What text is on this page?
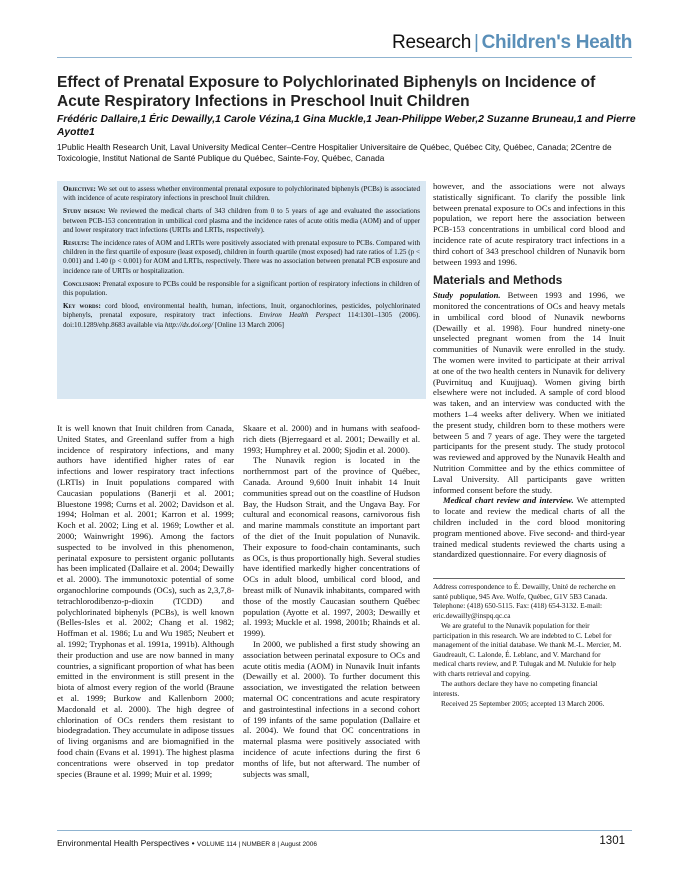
Research | Children's Health
Effect of Prenatal Exposure to Polychlorinated Biphenyls on Incidence of Acute Respiratory Infections in Preschool Inuit Children
Frédéric Dallaire,1 Éric Dewailly,1 Carole Vézina,1 Gina Muckle,1 Jean-Philippe Weber,2 Suzanne Bruneau,1 and Pierre Ayotte1
1Public Health Research Unit, Laval University Medical Center–Centre Hospitalier Universitaire de Québec, Québec City, Québec, Canada; 2Centre de Toxicologie, Institut National de Santé Publique du Québec, Sainte-Foy, Québec, Canada

Objective: We set out to assess whether environmental prenatal exposure to polychlorinated biphenyls (PCBs) is associated with incidence of acute respiratory infections in preschool Inuit children.

Study design: We reviewed the medical charts of 343 children from 0 to 5 years of age and evaluated the associations between PCB-153 concentration in umbilical cord plasma and the incidence rates of acute otitis media (AOM) and of upper and lower respiratory tract infections (URTIs and LRTIs, respectively).

Results: The incidence rates of AOM and LRTIs were positively associated with prenatal exposure to PCBs. Compared with children in the first quartile of exposure (least exposed), children in fourth quartile (most exposed) had rate ratios of 1.25 (p < 0.001) and 1.40 (p < 0.001) for AOM and LRTIs, respectively. There was no association between prenatal PCB exposure and incidence rate of URTIs or hospitalization.

Conclusion: Prenatal exposure to PCBs could be responsible for a significant portion of respiratory infections in children of this population.

Key words: cord blood, environmental health, human, infections, Inuit, organochlorines, pesticides, polychlorinated biphenyls, prenatal exposure, respiratory tract infections. Environ Health Perspect 114:1301–1305 (2006). doi:10.1289/ehp.8683 available via http://dx.doi.org/ [Online 13 March 2006]

It is well known that Inuit children from Canada, United States, and Greenland suffer from a high incidence of respiratory infections, and many authors have identified higher rates of ear infections and lower respiratory tract infections (LRTIs) in Inuit populations compared with Caucasian populations (Banerji et al. 2001; Bluestone 1998; Curns et al. 2002; Davidson et al. 1994; Holman et al. 2001; Karron et al. 1999; Koch et al. 2002; Ling et al. 1969; Lowther et al. 2000; Wainwright 1996). Among the factors suspected to be involved in this phenomenon, perinatal exposure to persistent organic pollutants has been implicated (Dallaire et al. 2004; Dewailly et al. 2000). The immunotoxic potential of some organochlorine compounds (OCs), such as 2,3,7,8-tetrachlorodibenzo-p-dioxin (TCDD) and polychlorinated biphenyls (PCBs), is well known (Belles-Isles et al. 2002; Chang et al. 1982; Hoffman et al. 1986; Lu and Wu 1985; Neubert et al. 1992; Tryphonas et al. 1991a, 1991b). Although their production and use are now banned in many countries, a significant proportion of what has been emitted in the environment is still present in the biota of almost every region of the world (Braune et al. 1999; Burkow and Kallenborn 2000; Macdonald et al. 2000). The high degree of chlorination of OCs renders them resistant to biodegradation. They accumulate in adipose tissues of living organisms and are biomagnified in the food chain (Evans et al. 1991). The highest plasma concentrations were observed in top predator species (Braune et al. 1999; Muir et al. 1999;

Skaare et al. 2000) and in humans with seafood-rich diets (Bjerregaard et al. 2001; Dewailly et al. 1993; Humphrey et al. 2000; Sjodin et al. 2000).

The Nunavik region is located in the northernmost part of the province of Québec, Canada. Around 9,600 Inuit inhabit 14 Inuit communities spread out on the coastline of Hudson Bay, the Hudson Strait, and the Ungava Bay. For cultural and economical reasons, carnivorous fish and marine mammals constitute an important part of the diet of the Inuit population of Nunavik. Their exposure to food-chain contaminants, such as OCs, is thus proportionally high. Several studies have identified markedly higher concentrations of OCs in adult blood, umbilical cord blood, and breast milk of Nunavik inhabitants, compared with those of the mostly Caucasian southern Québec population (Ayotte et al. 1997, 2003; Dewailly et al. 1993; Muckle et al. 1998, 2001b; Rhainds et al. 1999).

In 2000, we published a first study showing an association between perinatal exposure to OCs and acute otitis media (AOM) in Nunavik Inuit infants (Dewailly et al. 2000). To further document this association, we investigated the relation between maternal OC concentrations and acute respiratory and gastrointestinal infections in a second cohort of 199 infants of the same population (Dallaire et al. 2004). We found that OC concentrations in maternal plasma were positively associated with incidence of acute infections during the first 6 months of life, but not afterward. The number of subjects was small,

however, and the associations were not always statistically significant. To clarify the possible link between prenatal exposure to OCs and infections in this population, we report here the association between PCB-153 concentrations in umbilical cord blood and incidence rate of acute respiratory tract infections in a third cohort of 343 preschool children of Nunavik born between 1993 and 1996.

Materials and Methods

Study population. Between 1993 and 1996, we monitored the concentrations of OCs and heavy metals in umbilical cord blood of Nunavik newborns (Dewailly et al. 1998). Four hundred ninety-one unselected pregnant women from the 14 Inuit communities of Nunavik were enrolled in the study. The women were invited to participate at their arrival at one of the two health centers in Nunavik for delivery (Puvirnituq and Kuujjuaq). Women giving birth elsewhere were not included. A sample of cord blood was taken, and an interview was conducted with the mothers 1–4 weeks after delivery. When we initiated the present study, children born to these mothers were between 5 and 7 years of age. They were the targeted participants for the present study. The study protocol was reviewed and approved by the Nunavik Health and Nutrition Committee and by the ethics committee of Laval University. All participants gave written informed consent before the study.

Medical chart review and interview. We attempted to locate and review the medical charts of all the children included in the cord blood monitoring program mentioned above. Five second- and third-year trained medical students reviewed the charts using a standardized questionnaire. For every diagnosis of

Address correspondence to É. Dewailly, Unité de recherche en santé publique, 945 Ave. Wolfe, Québec, G1V 5B3 Canada. Telephone: (418) 650-5115. Fax: (418) 654-3132. E-mail: eric.dewailly@inspq.qc.ca

We are grateful to the Nunavik population for their participation in this research. We are indebted to C. Lebel for management of the initial database. We thank M.-L. Mercier, M. Gaudreault, C. Lalonde, É. Leblanc, and V. Marchand for medical charts review, and P. Tulugak and M. Nulukie for help with charts retrieval and copying.

The authors declare they have no competing financial interests.

Received 25 September 2005; accepted 13 March 2006.

Environmental Health Perspectives • VOLUME 114 | NUMBER 8 | August 2006	1301
